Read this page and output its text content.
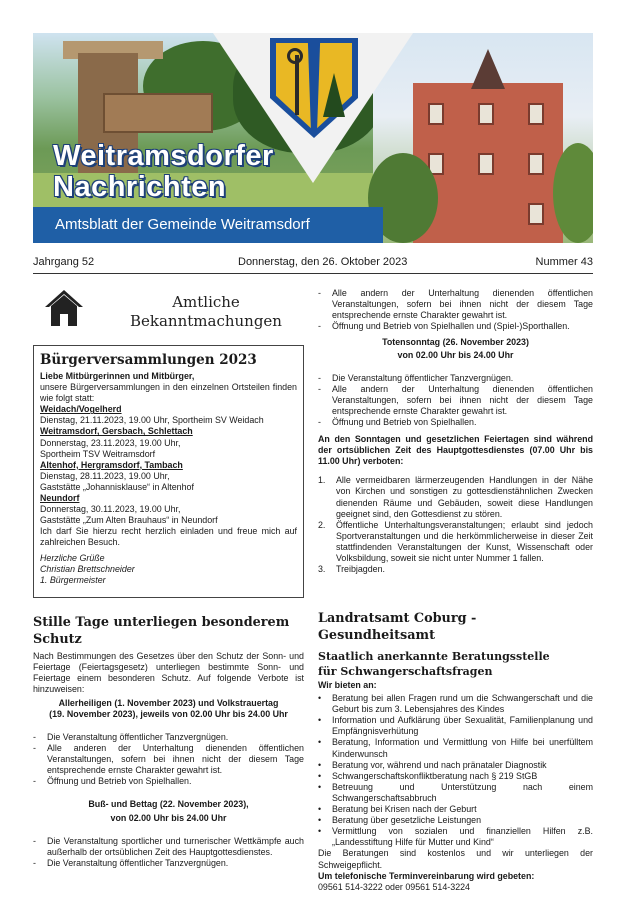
Weitramsdorfer
Nachrichten
Amtsblatt der Gemeinde Weitramsdorf
Jahrgang 52	Donnerstag, den 26. Oktober 2023	Nummer 43
Amtliche
Bekanntmachungen
Bürgerversammlungen 2023
Liebe Mitbürgerinnen und Mitbürger,
unsere Bürgerversammlungen in den einzelnen Ortsteilen finden wie folgt statt:
Weidach/Vogelherd
Dienstag, 21.11.2023, 19.00 Uhr, Sportheim SV Weidach
Weitramsdorf, Gersbach, Schlettach
Donnerstag, 23.11.2023, 19.00 Uhr,
Sportheim TSV Weitramsdorf
Altenhof, Hergramsdorf, Tambach
Dienstag, 28.11.2023, 19.00 Uhr,
Gaststätte „Johannisklause“ in Altenhof
Neundorf
Donnerstag, 30.11.2023, 19.00 Uhr,
Gaststätte „Zum Alten Brauhaus“ in Neundorf
Ich darf Sie hierzu recht herzlich einladen und freue mich auf zahlreichen Besuch.
Herzliche Grüße
Christian Brettschneider
1. Bürgermeister
Stille Tage unterliegen besonderem Schutz
Nach Bestimmungen des Gesetzes über den Schutz der Sonn- und Feiertage (Feiertagsgesetz) unterliegen bestimmte Sonn- und Feiertage einem besonderen Schutz. Auf folgende Verbote ist hinzuweisen:
Allerheiligen (1. November 2023) und Volkstrauertag
(19. November 2023), jeweils von 02.00 Uhr bis 24.00 Uhr
- Die Veranstaltung öffentlicher Tanzvergnügen.
- Alle anderen der Unterhaltung dienenden öffentlichen Veranstaltungen, sofern bei ihnen nicht der diesem Tage entsprechende ernste Charakter gewahrt ist.
- Öffnung und Betrieb von Spielhallen.
Buß- und Bettag (22. November 2023),
von 02.00 Uhr bis 24.00 Uhr
- Die Veranstaltung sportlicher und turnerischer Wettkämpfe auch außerhalb der ortsüblichen Zeit des Hauptgottesdienstes.
- Die Veranstaltung öffentlicher Tanzvergnügen.
- Alle andern der Unterhaltung dienenden öffentlichen Veranstaltungen, sofern bei ihnen nicht der diesem Tage entsprechende ernste Charakter gewahrt ist.
- Öffnung und Betrieb von Spielhallen und (Spiel-)Sporthallen.
Totensonntag (26. November 2023)
von 02.00 Uhr bis 24.00 Uhr
- Die Veranstaltung öffentlicher Tanzvergnügen.
- Alle andern der Unterhaltung dienenden öffentlichen Veranstaltungen, sofern bei ihnen nicht der diesem Tage entsprechende ernste Charakter gewahrt ist.
- Öffnung und Betrieb von Spielhallen.
An den Sonntagen und gesetzlichen Feiertagen sind während der ortsüblichen Zeit des Hauptgottesdienstes (07.00 Uhr bis 11.00 Uhr) verboten:
1. Alle vermeidbaren lärmerzeugenden Handlungen in der Nähe von Kirchen und sonstigen zu gottesdienstähnlichen Zwecken dienenden Räume und Gebäuden, soweit diese Handlungen geeignet sind, den Gottesdienst zu stören.
2. Öffentliche Unterhaltungsveranstaltungen; erlaubt sind jedoch Sportveranstaltungen und die herkömmlicherweise in dieser Zeit stattfindenden Veranstaltungen der Kunst, Wissenschaft oder Volksbildung, soweit sie nicht unter Nummer 1 fallen.
3. Treibjagden.
Landratsamt Coburg - Gesundheitsamt
Staatlich anerkannte Beratungsstelle
für Schwangerschaftsfragen
Wir bieten an:
• Beratung bei allen Fragen rund um die Schwangerschaft und die Geburt bis zum 3. Lebensjahres des Kindes
• Information und Aufklärung über Sexualität, Familienplanung und Empfängnisverhütung
• Beratung, Information und Vermittlung von Hilfe bei unerfülltem Kinderwunsch
• Beratung vor, während und nach pränataler Diagnostik
• Schwangerschaftskonfliktberatung nach § 219 StGB
• Betreuung und Unterstützung nach einem Schwangerschaftsabbruch
• Beratung bei Krisen nach der Geburt
• Beratung über gesetzliche Leistungen
• Vermittlung von sozialen und finanziellen Hilfen z.B. „Landesstiftung Hilfe für Mutter und Kind“
Die Beratungen sind kostenlos und wir unterliegen der Schweigepflicht.
Um telefonische Terminvereinbarung wird gebeten:
09561 514-3222 oder 09561 514-3224
